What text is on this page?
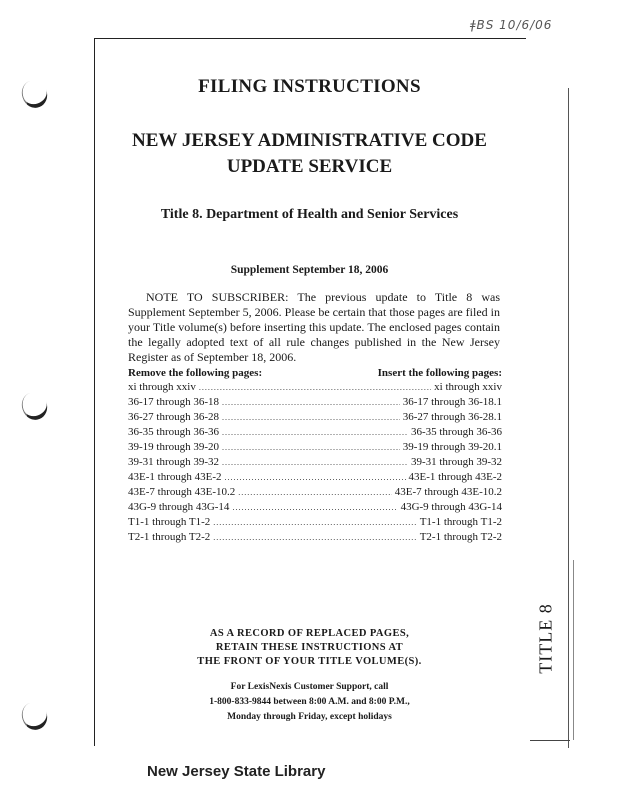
ǂBS 10/6/06
TITLE 8
FILING INSTRUCTIONS
NEW JERSEY ADMINISTRATIVE CODE
UPDATE SERVICE
Title 8. Department of Health and Senior Services
Supplement September 18, 2006

NOTE TO SUBSCRIBER: The previous update to Title 8 was Supplement September 5, 2006. Please be certain that those pages are filed in your Title volume(s) before inserting this update. The enclosed pages contain the legally adopted text of all rule changes published in the New Jersey Register as of September 18, 2006.

Remove the following pages:	Insert the following pages:
xi through xxiv .....	xi through xxiv
36-17 through 36-18 .....	36-17 through 36-18.1
36-27 through 36-28 .....	36-27 through 36-28.1
36-35 through 36-36 .....	36-35 through 36-36
39-19 through 39-20 .....	39-19 through 39-20.1
39-31 through 39-32 .....	39-31 through 39-32
43E-1 through 43E-2 .....	43E-1 through 43E-2
43E-7 through 43E-10.2 .....	43E-7 through 43E-10.2
43G-9 through 43G-14 .....	43G-9 through 43G-14
T1-1 through T1-2 .....	T1-1 through T1-2
T2-1 through T2-2 .....	T2-1 through T2-2
AS A RECORD OF REPLACED PAGES,
RETAIN THESE INSTRUCTIONS AT
THE FRONT OF YOUR TITLE VOLUME(S).
For LexisNexis Customer Support, call
1-800-833-9844 between 8:00 A.M. and 8:00 P.M.,
Monday through Friday, except holidays
New Jersey State Library
